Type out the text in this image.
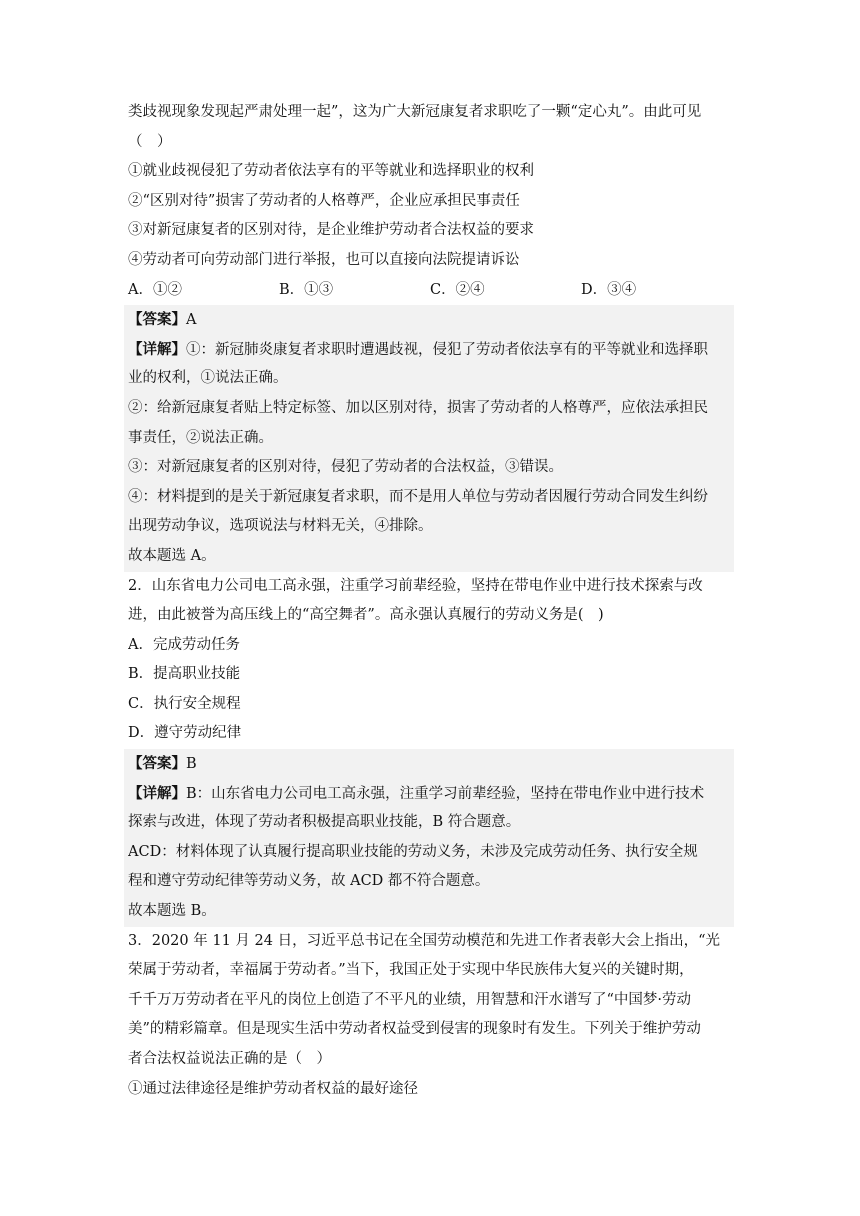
类歧视现象发现起严肃处理一起”，这为广大新冠康复者求职吃了一颗“定心丸”。由此可见
（　）
①就业歧视侵犯了劳动者依法享有的平等就业和选择职业的权利
②“区别对待”损害了劳动者的人格尊严，企业应承担民事责任
③对新冠康复者的区别对待，是企业维护劳动者合法权益的要求
④劳动者可向劳动部门进行举报，也可以直接向法院提请诉讼
A．①②	B．①③	C．②④	D．③④
【答案】A
【详解】①：新冠肺炎康复者求职时遭遇歧视，侵犯了劳动者依法享有的平等就业和选择职
业的权利，①说法正确。
②：给新冠康复者贴上特定标签、加以区别对待，损害了劳动者的人格尊严，应依法承担民
事责任，②说法正确。
③：对新冠康复者的区别对待，侵犯了劳动者的合法权益，③错误。
④：材料提到的是关于新冠康复者求职，而不是用人单位与劳动者因履行劳动合同发生纠纷
出现劳动争议，选项说法与材料无关，④排除。
故本题选 A。
2．山东省电力公司电工高永强，注重学习前辈经验，坚持在带电作业中进行技术探索与改
进，由此被誉为高压线上的“高空舞者”。高永强认真履行的劳动义务是(　)
A．完成劳动任务
B．提高职业技能
C．执行安全规程
D．遵守劳动纪律
【答案】B
【详解】B：山东省电力公司电工高永强，注重学习前辈经验，坚持在带电作业中进行技术
探索与改进，体现了劳动者积极提高职业技能，B 符合题意。
ACD：材料体现了认真履行提高职业技能的劳动义务，未涉及完成劳动任务、执行安全规
程和遵守劳动纪律等劳动义务，故 ACD 都不符合题意。
故本题选 B。
3．2020 年 11 月 24 日，习近平总书记在全国劳动模范和先进工作者表彰大会上指出，“光
荣属于劳动者，幸福属于劳动者。”当下，我国正处于实现中华民族伟大复兴的关键时期，
千千万万劳动者在平凡的岗位上创造了不平凡的业绩，用智慧和汗水谱写了“中国梦·劳动
美”的精彩篇章。但是现实生活中劳动者权益受到侵害的现象时有发生。下列关于维护劳动
者合法权益说法正确的是（　）
①通过法律途径是维护劳动者权益的最好途径
